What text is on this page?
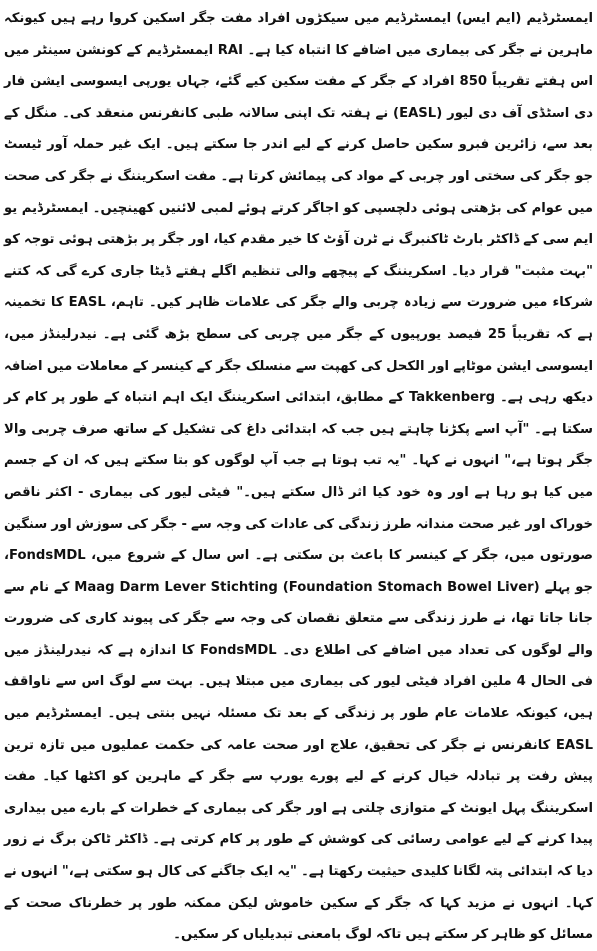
ایمسٹرڈیم (ایم ایس) ایمسٹرڈیم میں سیکڑوں افراد مفت جگر اسکین کروا رہے ہیں کیونکہ ماہرین نے جگر کی بیماری میں اضافے کا انتباہ کیا ہے۔ RAI ایمسٹرڈیم کے کونشن سینٹر میں اس ہفتے تقریباً 850 افراد کے جگر کے مفت سکین کیے گئے، جہاں یورپی ایسوسی ایشن فار دی اسٹڈی آف دی لیور (EASL) نے ہفتہ تک اپنی سالانہ طبی کانفرنس منعقد کی۔ منگل کے بعد سے، زائرین فبرو سکین حاصل کرنے کے لیے اندر جا سکتے ہیں۔ ایک غیر حملہ آور ٹیسٹ جو جگر کی سختی اور چربی کے مواد کی پیمائش کرتا ہے۔ مفت اسکریننگ نے جگر کی صحت میں عوام کی بڑھتی ہوئی دلچسپی کو اجاگر کرتے ہوئے لمبی لائنیں کھینچیں۔ ایمسٹرڈیم یو ایم سی کے ڈاکٹر بارٹ ٹاکنبرگ نے ٹرن آؤٹ کا خیر مقدم کیا، اور جگر پر بڑھتی ہوئی توجہ کو "بہت مثبت" قرار دیا۔ اسکریننگ کے پیچھے والی تنظیم اگلے ہفتے ڈیٹا جاری کرے گی کہ کتنے شرکاء میں ضرورت سے زیادہ چربی والے جگر کی علامات ظاہر کیں۔ تاہم، EASL کا تخمینہ ہے کہ تقریباً 25 فیصد یورپیوں کے جگر میں چربی کی سطح بڑھ گئی ہے۔ نیدرلینڈز میں، ایسوسی ایشن موٹاپے اور الکحل کی کھپت سے منسلک جگر کے کینسر کے معاملات میں اضافہ دیکھ رہی ہے۔ Takkenberg کے مطابق، ابتدائی اسکریننگ ایک اہم انتباہ کے طور پر کام کر سکتا ہے۔ "آپ اسے پکڑنا چاہتے ہیں جب کہ ابتدائی داغ کی تشکیل کے ساتھ صرف چربی والا جگر ہوتا ہے،" انہوں نے کہا۔ "یہ تب ہوتا ہے جب آپ لوگوں کو بتا سکتے ہیں کہ ان کے جسم میں کیا ہو رہا ہے اور وہ خود کیا اثر ڈال سکتے ہیں۔" فیٹی لیور کی بیماری - اکثر ناقص خوراک اور غیر صحت مندانہ طرز زندگی کی عادات کی وجہ سے - جگر کی سوزش اور سنگین صورتوں میں، جگر کے کینسر کا باعث بن سکتی ہے۔ اس سال کے شروع میں، FondsMDL، جو پہلے Maag Darm Lever Stichting (Foundation Stomach Bowel Liver) کے نام سے جانا جاتا تھا، نے طرز زندگی سے متعلق نقصان کی وجہ سے جگر کی پیوند کاری کی ضرورت والے لوگوں کی تعداد میں اضافے کی اطلاع دی۔ FondsMDL کا اندازہ ہے کہ نیدرلینڈز میں فی الحال 4 ملین افراد فیٹی لیور کی بیماری میں مبتلا ہیں۔ بہت سے لوگ اس سے ناواقف ہیں، کیونکہ علامات عام طور پر زندگی کے بعد تک مسئلہ نہیں بنتی ہیں۔ ایمسٹرڈیم میں EASL کانفرنس نے جگر کی تحقیق، علاج اور صحت عامہ کی حکمت عملیوں میں تازہ ترین پیش رفت پر تبادلہ خیال کرنے کے لیے پورے یورپ سے جگر کے ماہرین کو اکٹھا کیا۔ مفت اسکریننگ پہل ایونٹ کے متوازی چلتی ہے اور جگر کی بیماری کے خطرات کے بارے میں بیداری پیدا کرنے کے لیے عوامی رسائی کی کوشش کے طور پر کام کرتی ہے۔ ڈاکٹر ٹاکن برگ نے زور دیا کہ ابتدائی پتہ لگانا کلیدی حیثیت رکھتا ہے۔ "یہ ایک جاگنے کی کال ہو سکتی ہے،" انہوں نے کہا۔ انہوں نے مزید کہا کہ جگر کے سکین خاموش لیکن ممکنہ طور پر خطرناک صحت کے مسائل کو ظاہر کر سکتے ہیں تاکہ لوگ بامعنی تبدیلیاں کر سکیں۔
